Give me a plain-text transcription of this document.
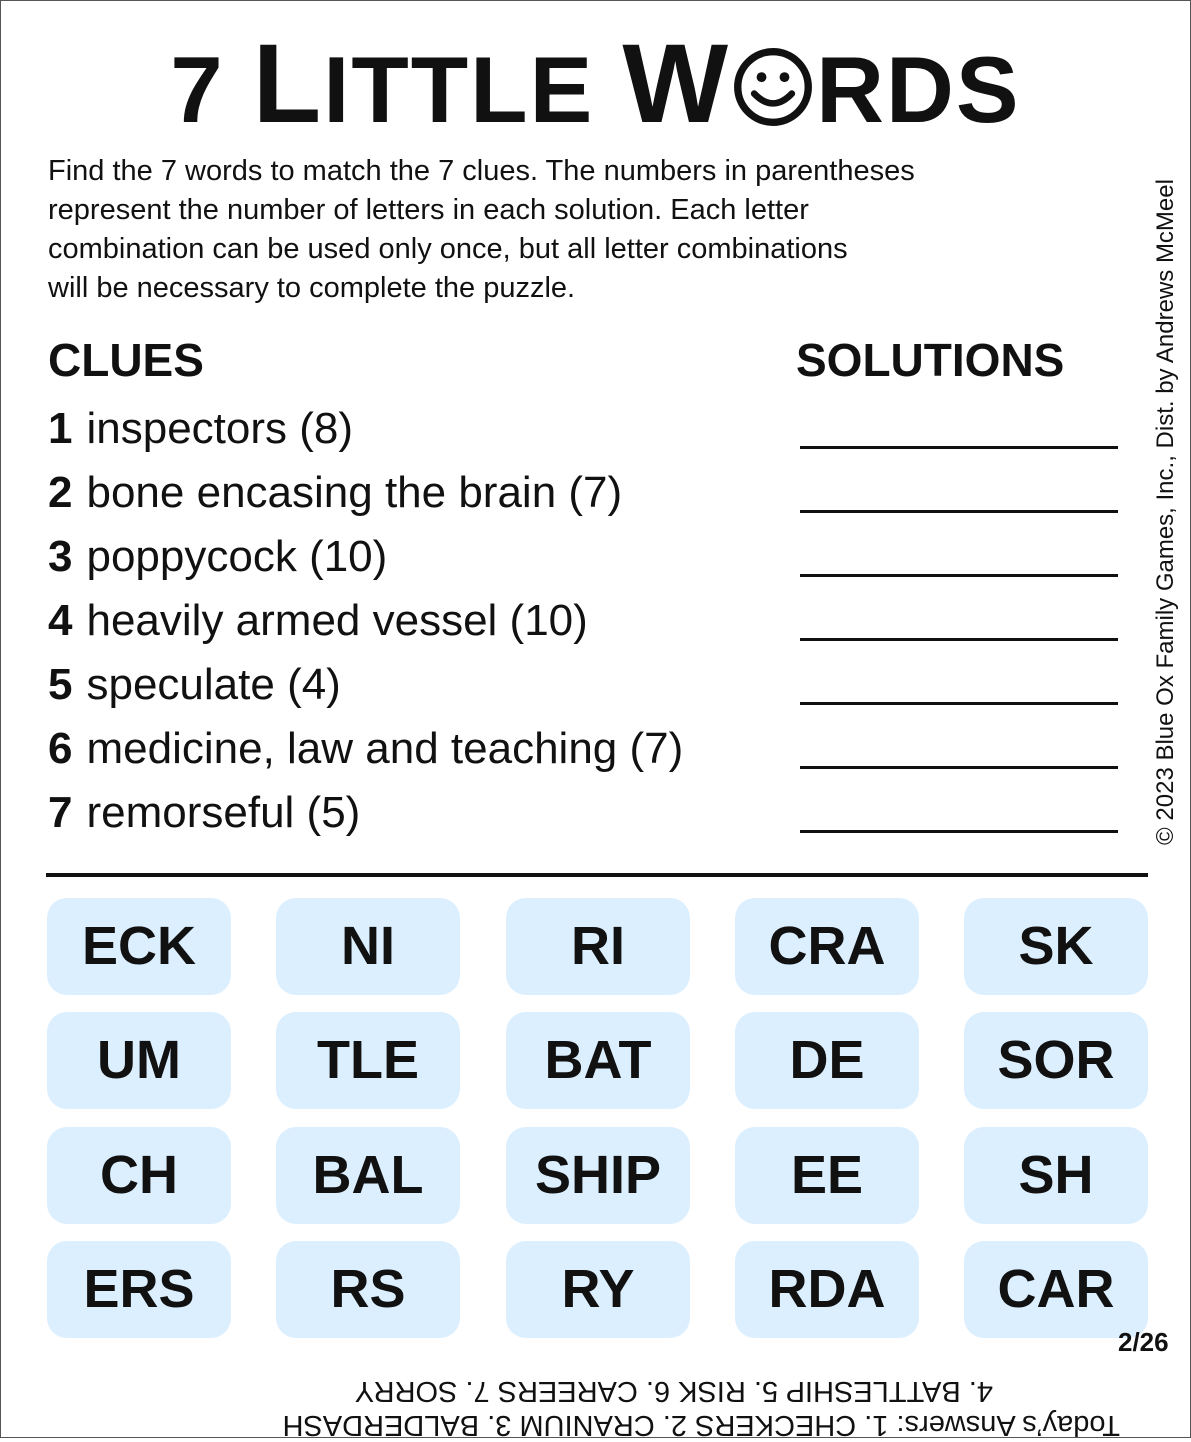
7 LITTLE W RDS
Find the 7 words to match the 7 clues. The numbers in parentheses
represent the number of letters in each solution. Each letter
combination can be used only once, but all letter combinations
will be necessary to complete the puzzle.
CLUES	SOLUTIONS
1 inspectors (8)
2 bone encasing the brain (7)
3 poppycock (10)
4 heavily armed vessel (10)
5 speculate (4)
6 medicine, law and teaching (7)
7 remorseful (5)
ECK	NI	RI	CRA	SK
UM	TLE	BAT	DE	SOR
CH	BAL	SHIP	EE	SH
ERS	RS	RY	RDA	CAR
© 2023 Blue Ox Family Games, Inc., Dist. by Andrews McMeel
Today’s Answers: 1. CHECKERS 2. CRANIUM 3. BALDERDASH
4. BATTLESHIP 5. RISK 6. CAREERS 7. SORRY
2/26
